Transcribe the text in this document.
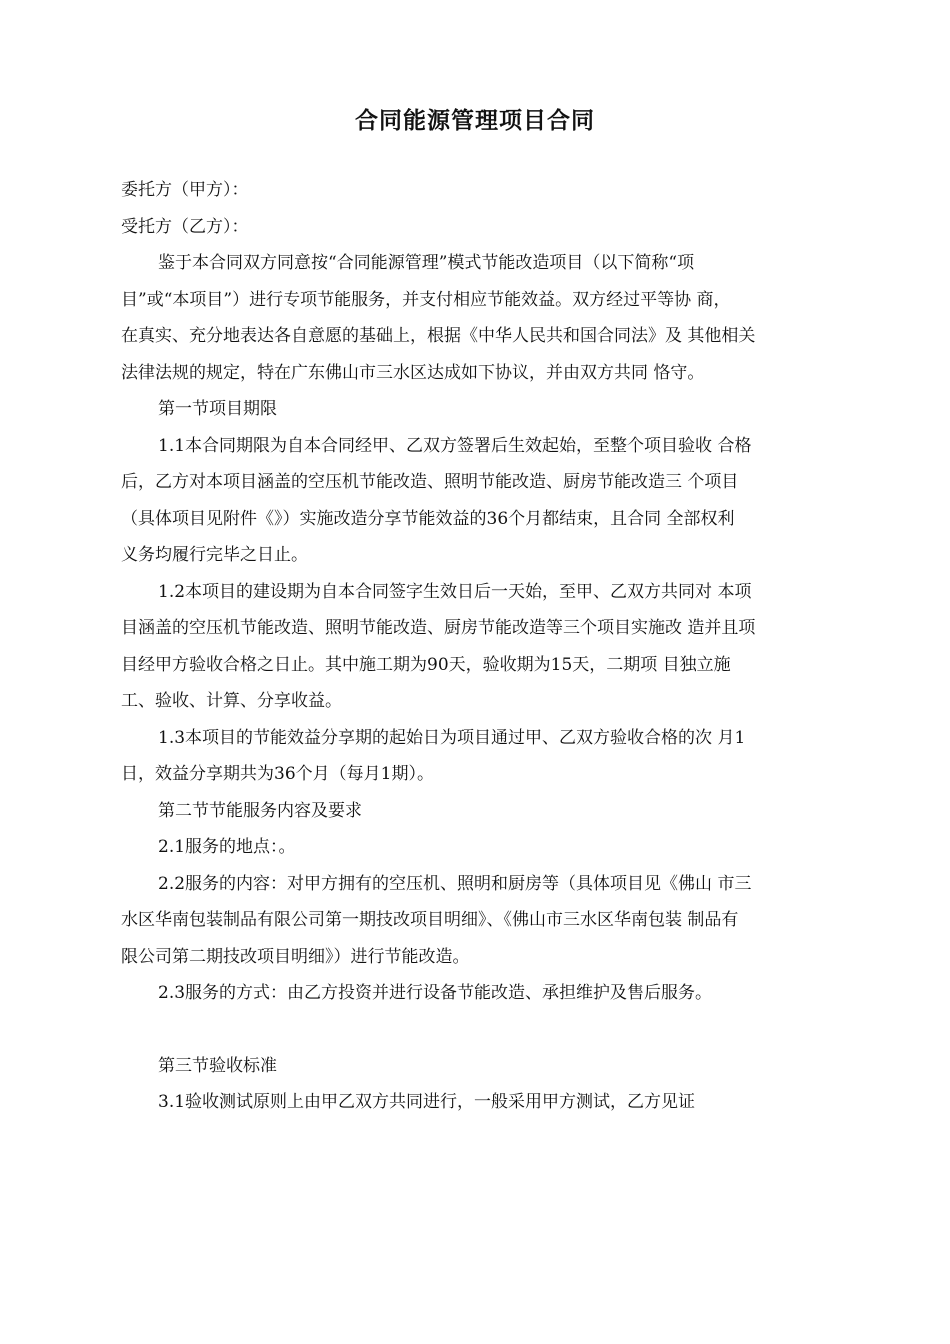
合同能源管理项目合同
委托方（甲方）：
受托方（乙方）：
鉴于本合同双方同意按“合同能源管理”模式节能改造项目（以下简称“项
目”或“本项目”）进行专项节能服务，并支付相应节能效益。双方经过平等协 商，
在真实、充分地表达各自意愿的基础上，根据《中华人民共和国合同法》及 其他相关
法律法规的规定，特在广东佛山市三水区达成如下协议，并由双方共同 恪守。
第一节项目期限
1.1本合同期限为自本合同经甲、乙双方签署后生效起始，至整个项目验收 合格
后，乙方对本项目涵盖的空压机节能改造、照明节能改造、厨房节能改造三 个项目
（具体项目见附件《》）实施改造分享节能效益的36个月都结束，且合同 全部权利
义务均履行完毕之日止。
1.2本项目的建设期为自本合同签字生效日后一天始，至甲、乙双方共同对 本项
目涵盖的空压机节能改造、照明节能改造、厨房节能改造等三个项目实施改 造并且项
目经甲方验收合格之日止。其中施工期为90天，验收期为15天，二期项 目独立施
工、验收、计算、分享收益。
1.3本项目的节能效益分享期的起始日为项目通过甲、乙双方验收合格的次 月1
日，效益分享期共为36个月（每月1期）。
第二节节能服务内容及要求
2.1服务的地点：。
2.2服务的内容：对甲方拥有的空压机、照明和厨房等（具体项目见《佛山 市三
水区华南包装制品有限公司第一期技改项目明细》、《佛山市三水区华南包装 制品有
限公司第二期技改项目明细》）进行节能改造。
2.3服务的方式：由乙方投资并进行设备节能改造、承担维护及售后服务。
第三节验收标准
3.1验收测试原则上由甲乙双方共同进行，一般采用甲方测试，乙方见证
